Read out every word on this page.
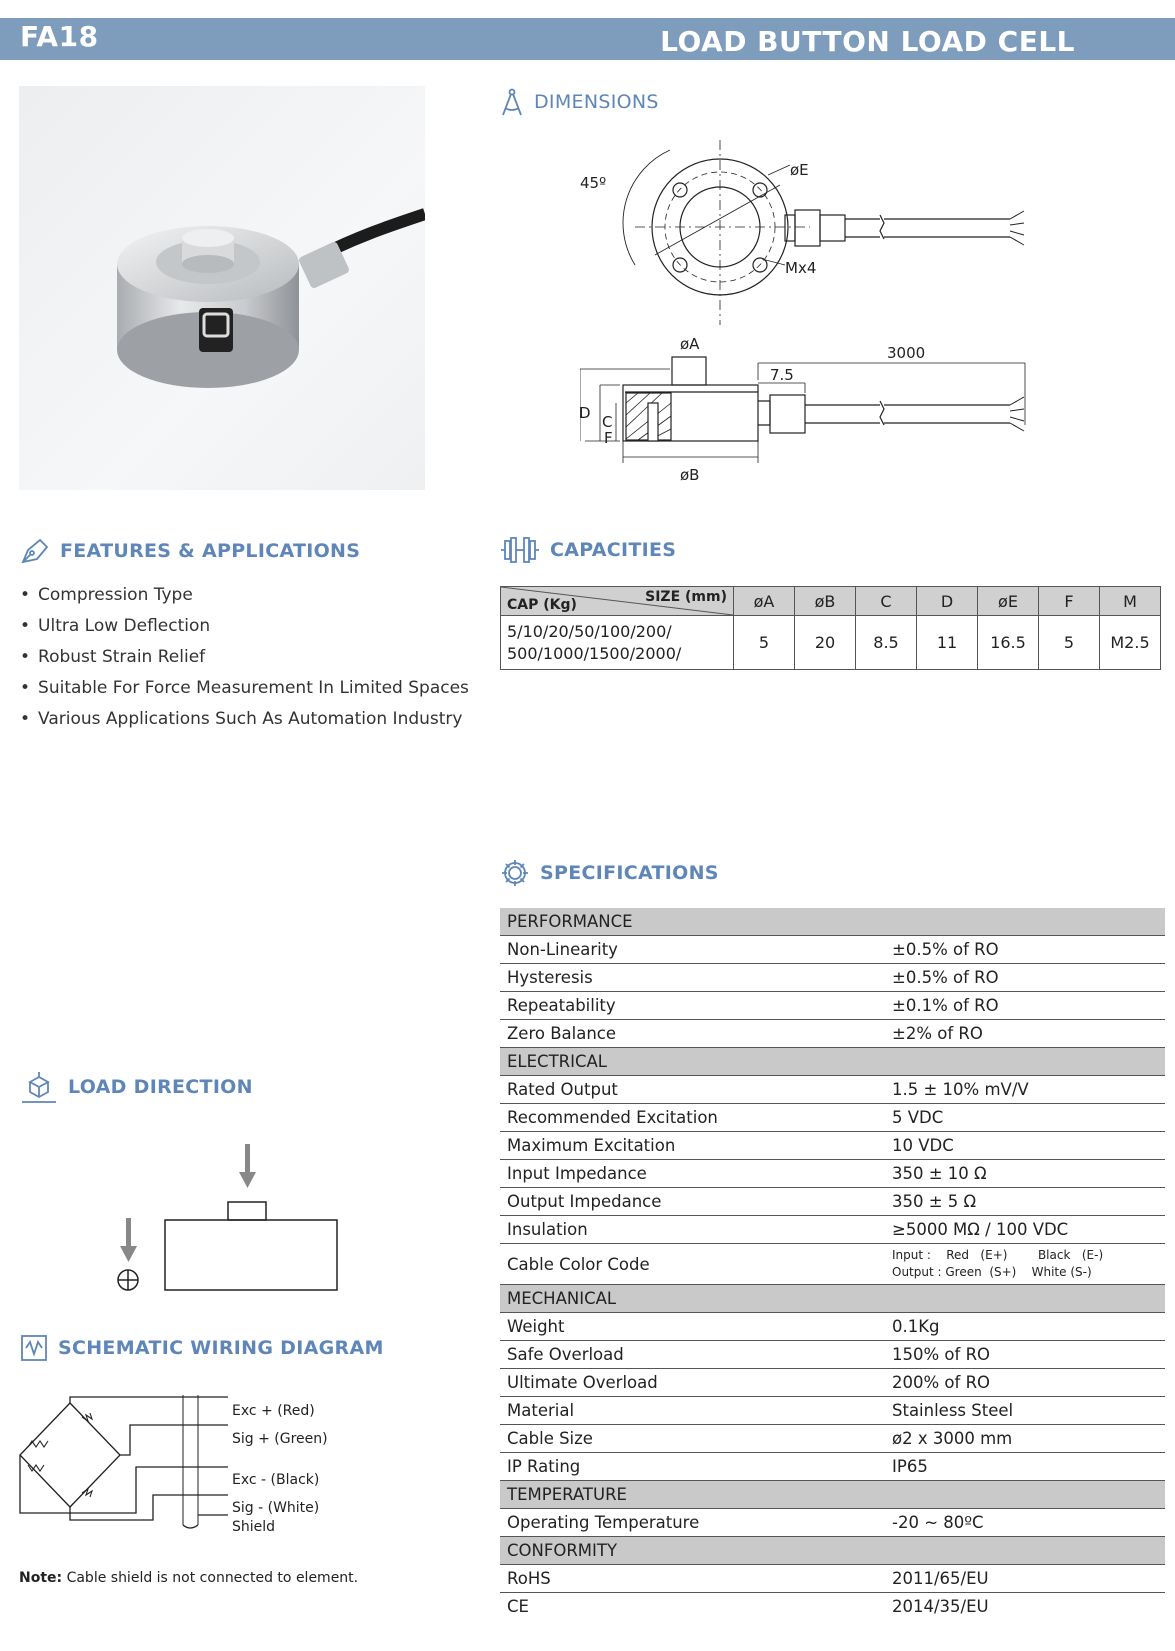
FA18	LOAD BUTTON LOAD CELL
DIMENSIONS
45º
øE
Mx4
øA	3000
7.5
D C
F
øB
FEATURES & APPLICATIONS
• Compression Type
• Ultra Low Deflection
• Robust Strain Relief
• Suitable For Force Measurement In Limited Spaces
• Various Applications Such As Automation Industry
CAPACITIES
SIZE (mm)
CAP (Kg)	øA	øB	C	D	øE	F	M

5/10/20/50/100/200/
500/1000/1500/2000/	5	20	8.5	11	16.5	5	M2.5
SPECIFICATIONS
PERFORMANCE
Non-Linearity	±0.5% of RO
Hysteresis	±0.5% of RO
Repeatability	±0.1% of RO
Zero Balance	±2% of RO
ELECTRICAL
Rated Output	1.5 ± 10% mV/V
Recommended Excitation	5 VDC
Maximum Excitation	10 VDC
Input Impedance	350 ± 10 Ω
Output Impedance	350 ± 5 Ω
Insulation	≥5000 MΩ / 100 VDC
Cable Color Code	Input :    Red   (E+)        Black   (E-)
Output : Green  (S+)    White (S-)
MECHANICAL
Weight	0.1Kg
Safe Overload	150% of RO
Ultimate Overload	200% of RO
Material	Stainless Steel
Cable Size	ø2 x 3000 mm
IP Rating	IP65
TEMPERATURE
Operating Temperature	-20 ~ 80ºC
CONFORMITY
RoHS	2011/65/EU
CE	2014/35/EU
LOAD DIRECTION
SCHEMATIC WIRING DIAGRAM
Exc + (Red)
Sig + (Green)
Exc - (Black)
Sig - (White)
Shield
Note: Cable shield is not connected to element.
